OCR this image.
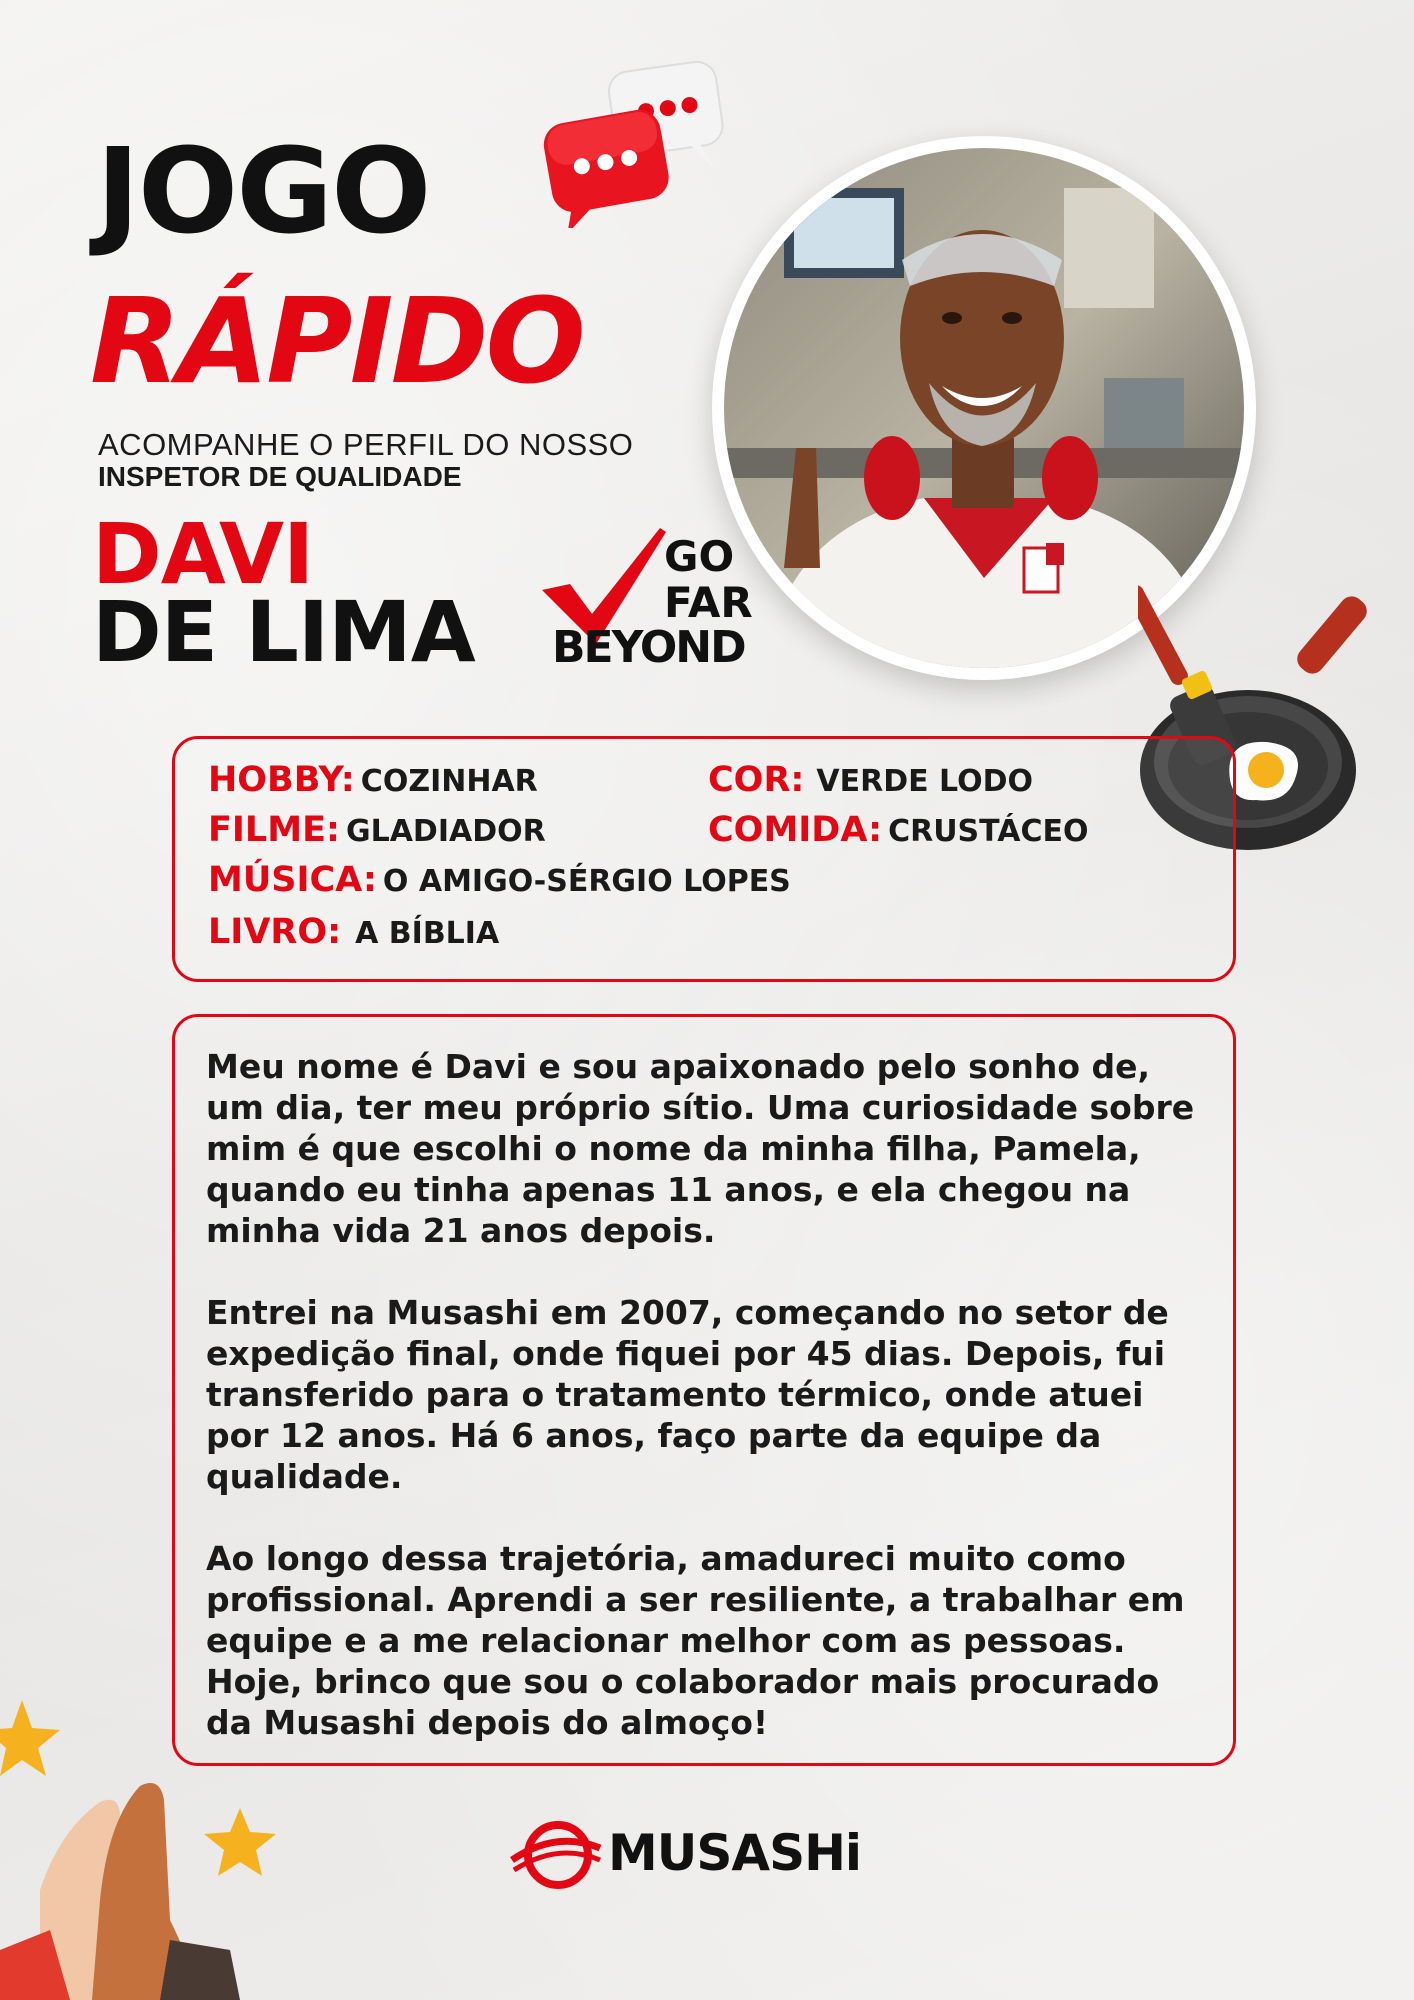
JOGO
RÁPIDO
ACOMPANHE O PERFIL DO NOSSO
INSPETOR DE QUALIDADE
DAVI
DE LIMA
GO
FAR
BEYOND
HOBBY: COZINHAR	COR: VERDE LODO
FILME: GLADIADOR	COMIDA: CRUSTÁCEO
MÚSICA: O AMIGO-SÉRGIO LOPES
LIVRO: A BÍBLIA

Meu nome é Davi e sou apaixonado pelo sonho de,
um dia, ter meu próprio sítio. Uma curiosidade sobre
mim é que escolhi o nome da minha filha, Pamela,
quando eu tinha apenas 11 anos, e ela chegou na
minha vida 21 anos depois.

Entrei na Musashi em 2007, começando no setor de
expedição final, onde fiquei por 45 dias. Depois, fui
transferido para o tratamento térmico, onde atuei
por 12 anos. Há 6 anos, faço parte da equipe da
qualidade.

Ao longo dessa trajetória, amadureci muito como
profissional. Aprendi a ser resiliente, a trabalhar em
equipe e a me relacionar melhor com as pessoas.
Hoje, brinco que sou o colaborador mais procurado
da Musashi depois do almoço!

MUSASHi
